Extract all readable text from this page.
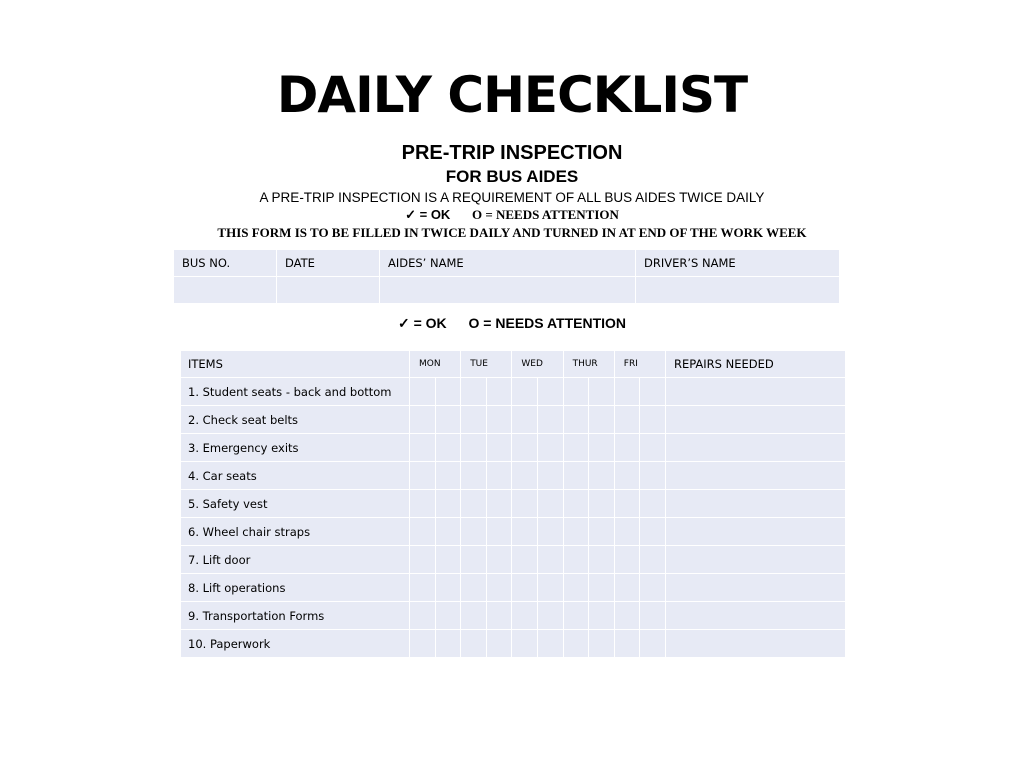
DAILY CHECKLIST
PRE-TRIP INSPECTION
FOR BUS AIDES
A PRE-TRIP INSPECTION IS A REQUIREMENT OF ALL BUS AIDES TWICE DAILY
✓ = OK O = NEEDS ATTENTION
THIS FORM IS TO BE FILLED IN TWICE DAILY AND TURNED IN AT END OF THE WORK WEEK
BUS NO.	DATE	AIDES’ NAME	DRIVER’S NAME

✓ = OK O = NEEDS ATTENTION
ITEMS	MON		TUE		WED		THUR		FRI		REPAIRS NEEDED
1. Student seats - back and bottom											
2. Check seat belts											
3. Emergency exits											
4. Car seats											
5. Safety vest											
6. Wheel chair straps											
7. Lift door											
8. Lift operations											
9. Transportation Forms											
10. Paperwork											
